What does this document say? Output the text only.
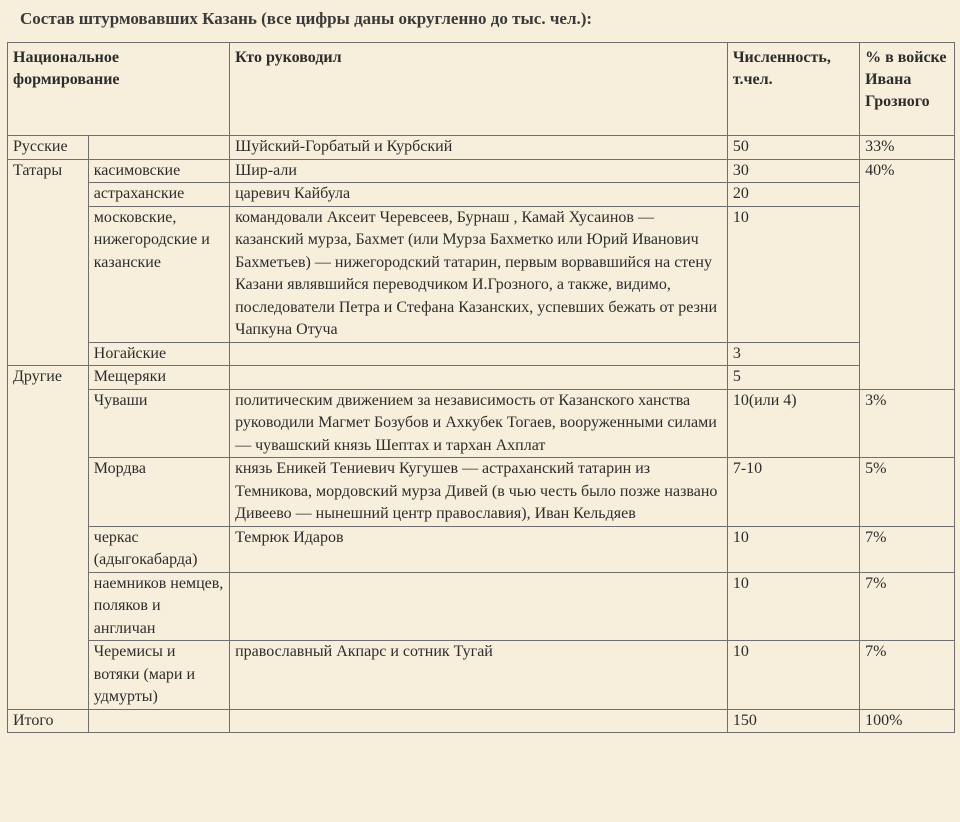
Состав штурмовавших Казань (все цифры даны округленно до тыс. чел.):
Национальное формирование		Кто руководил	Численность, т.чел.	% в войске Ивана Грозного
Русские		Шуйский-Горбатый и Курбский	50	33%
Татары	касимовские	Шир-али	30	40%
	астраханские	царевич Кайбула	20	
	московские, нижегородские и казанские	командовали Аксеит Черевсеев, Бурнаш , Камай Хусаинов — казанский мурза, Бахмет (или Мурза Бахметко или Юрий Иванович Бахметьев) — нижегородский татарин, первым ворвавшийся на стену Казани являвшийся переводчиком И.Грозного, а также, видимо, последователи Петра и Стефана Казанских, успевших бежать от резни Чапкуна Отуча	10	
	Ногайские		3	
Другие	Мещеряки		5	
	Чуваши	политическим движением за независимость от Казанского ханства руководили Магмет Бозубов и Ахкубек Тогаев, вооруженными силами — чувашский князь Шептах и тархан Ахплат	10(или 4)	3%
	Мордва	князь Еникей Тениевич Кугушев — астраханский татарин из Темникова, мордовский мурза Дивей (в чью честь было позже названо Дивеево — нынешний центр православия), Иван Кельдяев	7-10	5%
	черкас (адыгокабарда)	Темрюк Идаров	10	7%
	наемников немцев, поляков и англичан		10	7%
	Черемисы и вотяки (мари и удмурты)	православный Акпарс и сотник Тугай	10	7%
Итого			150	100%
